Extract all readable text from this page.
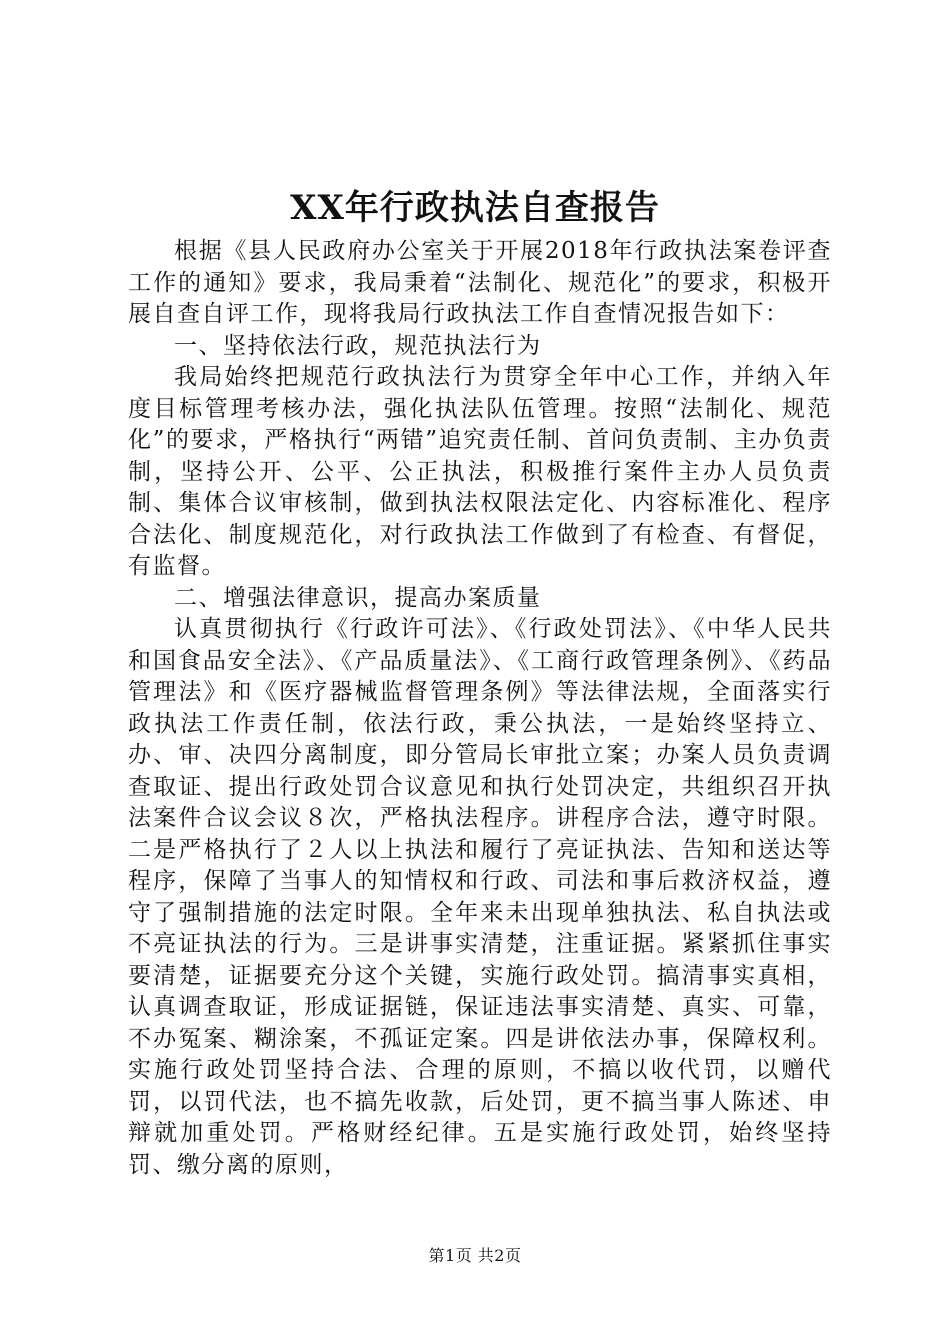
XX年行政执法自查报告

根据《县人民政府办公室关于开展2018年行政执法案卷评查工作的通知》要求，我局秉着“法制化、规范化”的要求，积极开展自查自评工作，现将我局行政执法工作自查情况报告如下：

一、坚持依法行政，规范执法行为

我局始终把规范行政执法行为贯穿全年中心工作，并纳入年度目标管理考核办法，强化执法队伍管理。按照“法制化、规范化”的要求，严格执行“两错”追究责任制、首问负责制、主办负责制，坚持公开、公平、公正执法，积极推行案件主办人员负责制、集体合议审核制，做到执法权限法定化、内容标准化、程序合法化、制度规范化，对行政执法工作做到了有检查、有督促，有监督。

二、增强法律意识，提高办案质量

认真贯彻执行《行政许可法》、《行政处罚法》、《中华人民共和国食品安全法》、《产品质量法》、《工商行政管理条例》、《药品管理法》和《医疗器械监督管理条例》等法律法规，全面落实行政执法工作责任制，依法行政，秉公执法，一是始终坚持立、办、审、决四分离制度，即分管局长审批立案；办案人员负责调查取证、提出行政处罚合议意见和执行处罚决定，共组织召开执法案件合议会议８次，严格执法程序。讲程序合法，遵守时限。二是严格执行了２人以上执法和履行了亮证执法、告知和送达等程序，保障了当事人的知情权和行政、司法和事后救济权益，遵守了强制措施的法定时限。全年来未出现单独执法、私自执法或不亮证执法的行为。三是讲事实清楚，注重证据。紧紧抓住事实要清楚，证据要充分这个关键，实施行政处罚。搞清事实真相，认真调查取证，形成证据链，保证违法事实清楚、真实、可靠，不办冤案、糊涂案，不孤证定案。四是讲依法办事，保障权利。实施行政处罚坚持合法、合理的原则，不搞以收代罚，以赠代罚，以罚代法，也不搞先收款，后处罚，更不搞当事人陈述、申辩就加重处罚。严格财经纪律。五是实施行政处罚，始终坚持罚、缴分离的原则，

第1页 共2页
